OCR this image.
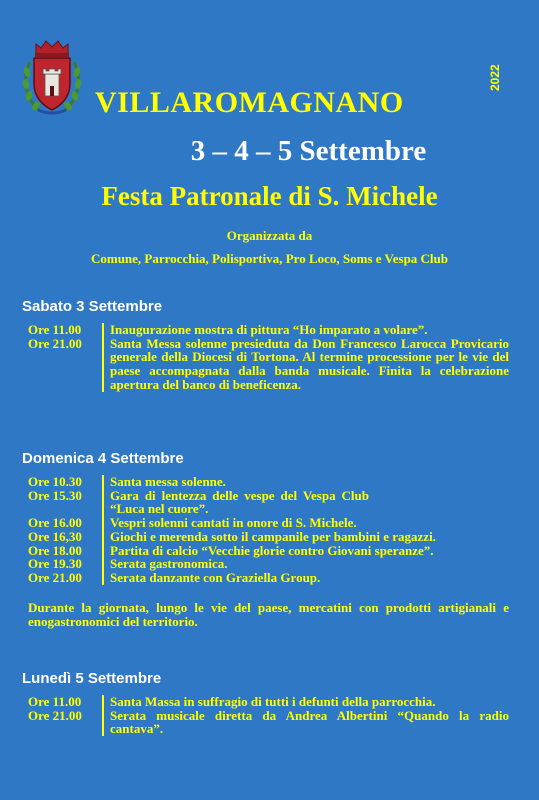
2022
VILLAROMAGNANO
3 – 4 – 5 Settembre
Festa Patronale di S. Michele
Organizzata da
Comune, Parrocchia, Polisportiva, Pro Loco, Soms e Vespa Club
Sabato 3 Settembre
Ore 11.00	Inaugurazione mostra di pittura “Ho imparato a volare”.
Ore 21.00	Santa Messa solenne presieduta da Don Francesco Larocca Provicario generale della Diocesi di Tortona. Al termine processione per le vie del paese accompagnata dalla banda musicale. Finita la celebrazione apertura del banco di beneficenza.
Domenica 4 Settembre
Ore 10.30	Santa messa solenne.
Ore 15.30	Gara di lentezza delle vespe del Vespa Club “Luca nel cuore”.
Ore 16.00	Vespri solenni cantati in onore di S. Michele.
Ore 16,30	Giochi e merenda sotto il campanile per bambini e ragazzi.
Ore 18.00	Partita di calcio “Vecchie glorie contro Giovani speranze”.
Ore 19.30	Serata gastronomica.
Ore 21.00	Serata danzante con Graziella Group.
Durante la giornata, lungo le vie del paese, mercatini con prodotti artigianali e enogastronomici del territorio.
Lunedì 5 Settembre
Ore 11.00	Santa Massa in suffragio di tutti i defunti della parrocchia.
Ore 21.00	Serata musicale diretta da Andrea Albertini “Quando la radio cantava”.
